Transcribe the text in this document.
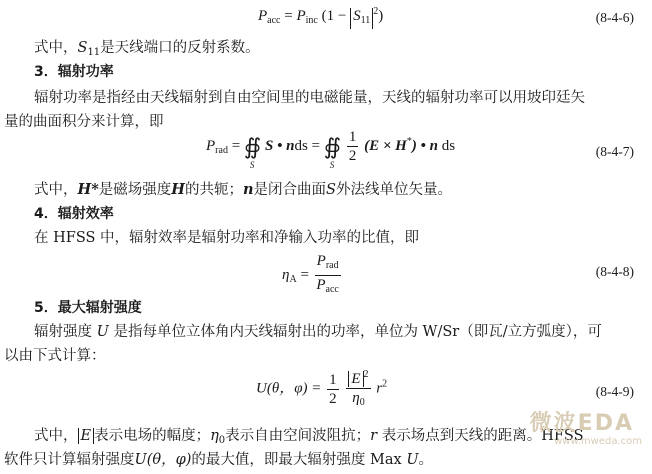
$P_{acc} = P_{inc}$ $(1 - S_{11}^2)$	(8-4-6)
式中，$S_{11}$是天线端口的反射系数。
3．辐射功率
辐射功率是指经由天线辐射到自由空间里的电磁能量，天线的辐射功率可以用坡印廷矢
量的曲面积分来计算，即
$P_{rad}$ = ∯
S
S • nds = ∯
S
$\frac{1}{2} (E \times H^*)$ • n ds	(8-4-7)
式中，H*是磁场强度H的共轭；n是闭合曲面S外法线单位矢量。
4．辐射效率
在 HFSS 中，辐射效率是辐射功率和净输入功率的比值，即
$\eta_A = \frac{P_{rad}}{P_{acc}}$	(8-4-8)
5．最大辐射强度
辐射强度 U 是指每单位立体角内天线辐射出的功率，单位为 W/Sr（即瓦/立方弧度），可
以由下式计算：
U(θ，$\varphi) = \frac{1}{2}$
$\frac{E ^2}{\eta_0} r^2$
(8-4-9)
式中， E 表示电场的幅度；$\eta_0$表示自由空间波阻抗；r 表示场点到天线的距离。HFSS
软件只计算辐射强度U(θ，φ)的最大值，即最大辐射强度 Max U。
微波EDA
www.mweda.com
